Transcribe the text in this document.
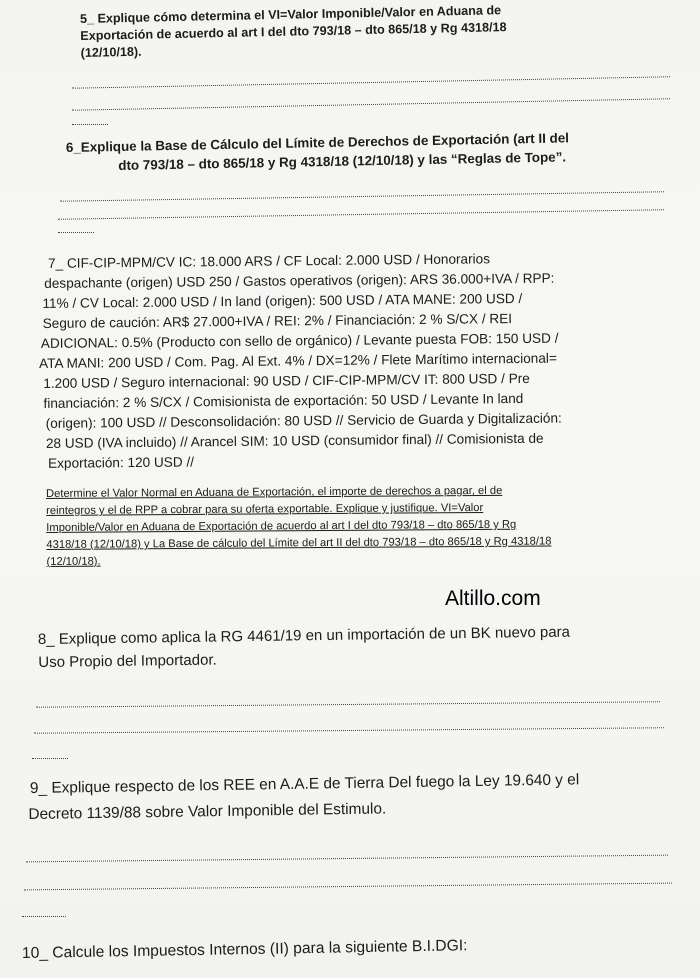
5_ Explique cómo determina el VI=Valor Imponible/Valor en Aduana de
Exportación de acuerdo al art I del dto 793/18 – dto 865/18 y Rg 4318/18
(12/10/18).
6_Explique la Base de Cálculo del Límite de Derechos de Exportación (art II del
dto 793/18 – dto 865/18 y Rg 4318/18 (12/10/18) y las “Reglas de Tope”.
7_ CIF-CIP-MPM/CV IC: 18.000 ARS / CF Local: 2.000 USD / Honorarios
despachante (origen) USD 250 / Gastos operativos (origen): ARS 36.000+IVA / RPP:
11% / CV Local: 2.000 USD / In land (origen): 500 USD / ATA MANE: 200 USD /
Seguro de caución: AR$ 27.000+IVA / REI: 2% / Financiación: 2 % S/CX / REI
ADICIONAL: 0.5% (Producto con sello de orgánico) / Levante puesta FOB: 150 USD /
ATA MANI: 200 USD / Com. Pag. Al Ext. 4% / DX=12% / Flete Marítimo internacional=
1.200 USD / Seguro internacional: 90 USD / CIF-CIP-MPM/CV IT: 800 USD / Pre
financiación: 2 % S/CX / Comisionista de exportación: 50 USD / Levante In land
(origen): 100 USD // Desconsolidación: 80 USD // Servicio de Guarda y Digitalización:
28 USD (IVA incluido) // Arancel SIM: 10 USD (consumidor final) // Comisionista de
Exportación: 120 USD //
Determine el Valor Normal en Aduana de Exportación, el importe de derechos a pagar, el de
reintegros y el de RPP a cobrar para su oferta exportable. Explique y justifique. VI=Valor
Imponible/Valor en Aduana de Exportación de acuerdo al art I del dto 793/18 – dto 865/18 y Rg
4318/18 (12/10/18) y La Base de cálculo del Límite del art II del dto 793/18 – dto 865/18 y Rg 4318/18
(12/10/18).
Altillo.com
8_ Explique como aplica la RG 4461/19 en un importación de un BK nuevo para
Uso Propio del Importador.
9_ Explique respecto de los REE en A.A.E de Tierra Del fuego la Ley 19.640 y el
Decreto 1139/88 sobre Valor Imponible del Estimulo.
10_ Calcule los Impuestos Internos (II) para la siguiente B.I.DGI:
